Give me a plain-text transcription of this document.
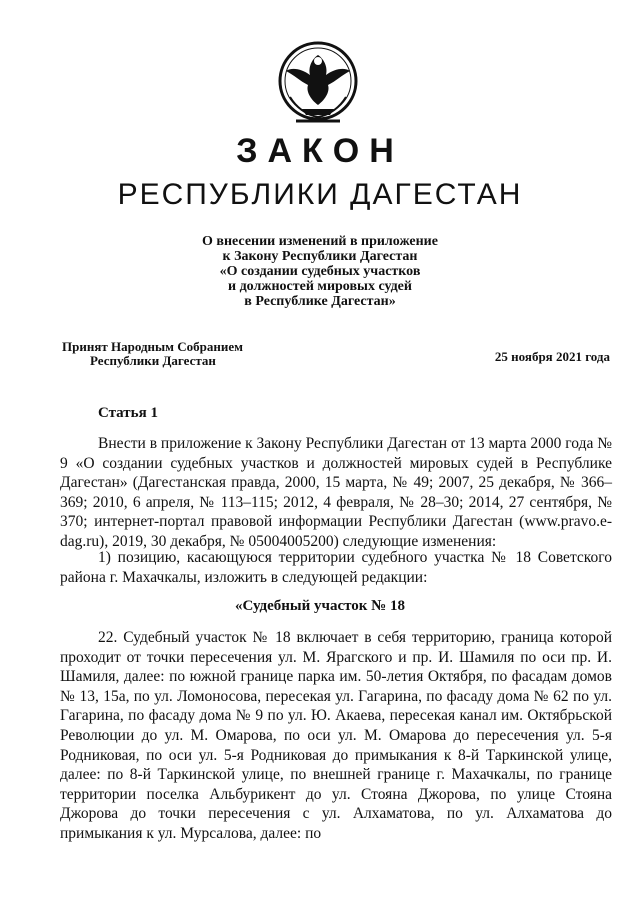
ЗАКОН
РЕСПУБЛИКИ ДАГЕСТАН
О внесении изменений в приложение
к Закону Республики Дагестан
«О создании судебных участков
и должностей мировых судей
в Республике Дагестан»
Принят Народным Собранием
Республики Дагестан	25 ноября 2021 года
Статья 1

Внести в приложение к Закону Республики Дагестан от 13 марта 2000 года № 9 «О создании судебных участков и должностей мировых судей в Республике Дагестан» (Дагестанская правда, 2000, 15 марта, № 49; 2007, 25 декабря, № 366–369; 2010, 6 апреля, № 113–115; 2012, 4 февраля, № 28–30; 2014, 27 сентября, № 370; интернет-портал правовой информации Республики Дагестан (www.pravo.e-dag.ru), 2019, 30 декабря, № 05004005200) следующие изменения:

1) позицию, касающуюся территории судебного участка № 18 Советского района г. Махачкалы, изложить в следующей редакции:

«Судебный участок № 18

22. Судебный участок № 18 включает в себя территорию, граница которой проходит от точки пересечения ул. М. Ярагского и пр. И. Шамиля по оси пр. И. Шамиля, далее: по южной границе парка им. 50-летия Октября, по фасадам домов № 13, 15а, по ул. Ломоносова, пересекая ул. Гагарина, по фасаду дома № 62 по ул. Гагарина, по фасаду дома № 9 по ул. Ю. Акаева, пересекая канал им. Октябрьской Революции до ул. М. Омарова, по оси ул. М. Омарова до пересечения ул. 5-я Родниковая, по оси ул. 5-я Родниковая до примыкания к 8-й Таркинской улице, далее: по 8-й Таркинской улице, по внешней границе г. Махачкалы, по границе территории поселка Альбурикент до ул. Стояна Джорова, по улице Стояна Джорова до точки пересечения с ул. Алхаматова, по ул. Алхаматова до примыкания к ул. Мурсалова, далее: по
